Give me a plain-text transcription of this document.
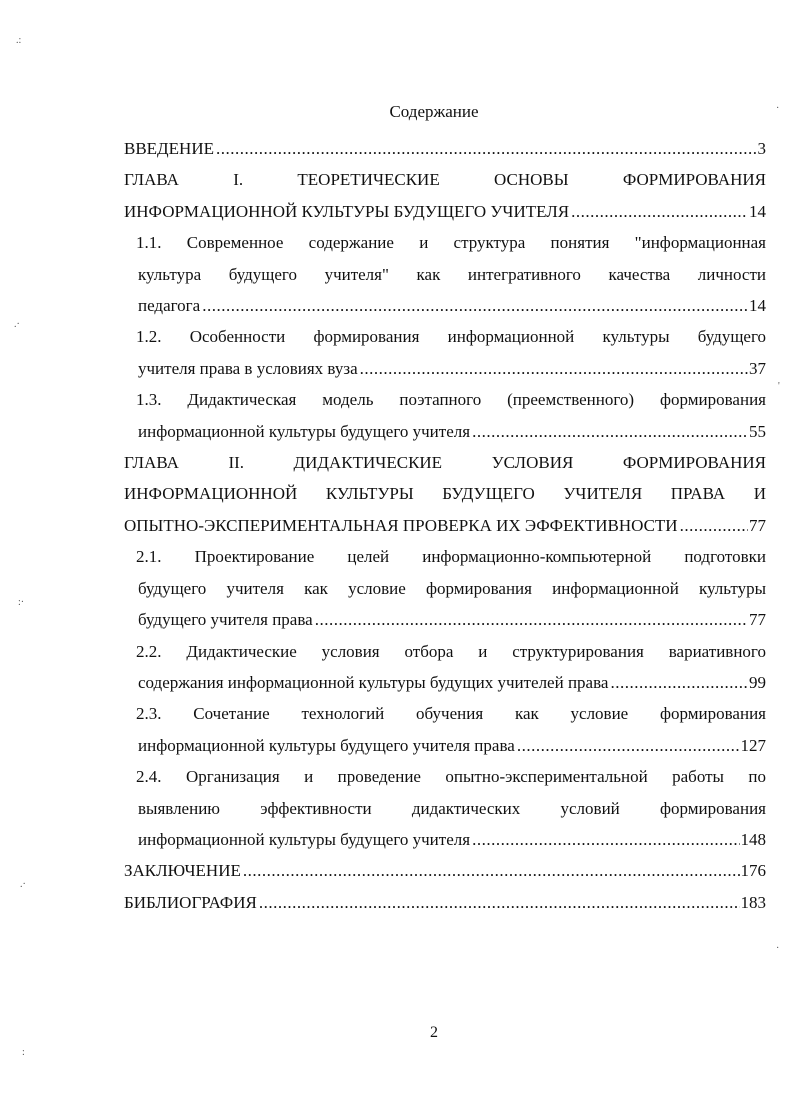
Содержание
ВВЕДЕНИЕ .....	3
ГЛАВА I. ТЕОРЕТИЧЕСКИЕ ОСНОВЫ ФОРМИРОВАНИЯ
ИНФОРМАЦИОННОЙ КУЛЬТУРЫ БУДУЩЕГО УЧИТЕЛЯ .....	14
1.1. Современное содержание и структура понятия "информационная
культура будущего учителя" как интегративного качества личности
педагога .....	14
1.2. Особенности формирования информационной культуры будущего
учителя права в условиях вуза .....	37
1.3. Дидактическая модель поэтапного (преемственного) формирования
информационной культуры будущего учителя .....	55
ГЛАВА II. ДИДАКТИЧЕСКИЕ УСЛОВИЯ ФОРМИРОВАНИЯ
ИНФОРМАЦИОННОЙ КУЛЬТУРЫ БУДУЩЕГО УЧИТЕЛЯ ПРАВА И
ОПЫТНО-ЭКСПЕРИМЕНТАЛЬНАЯ ПРОВЕРКА ИХ ЭФФЕКТИВНОСТИ .....	77
2.1. Проектирование целей информационно-компьютерной подготовки
будущего учителя как условие формирования информационной культуры
будущего учителя права .....	77
2.2. Дидактические условия отбора и структурирования вариативного
содержания информационной культуры будущих учителей права .....	99
2.3. Сочетание технологий обучения как условие формирования
информационной культуры будущего учителя права .....	127
2.4. Организация и проведение опытно-экспериментальной работы по
выявлению эффективности дидактических условий формирования
информационной культуры будущего учителя .....	148
ЗАКЛЮЧЕНИЕ .....	176
БИБЛИОГРАФИЯ .....	183
2
.:
.·
:·
.·
:
·
'
·
